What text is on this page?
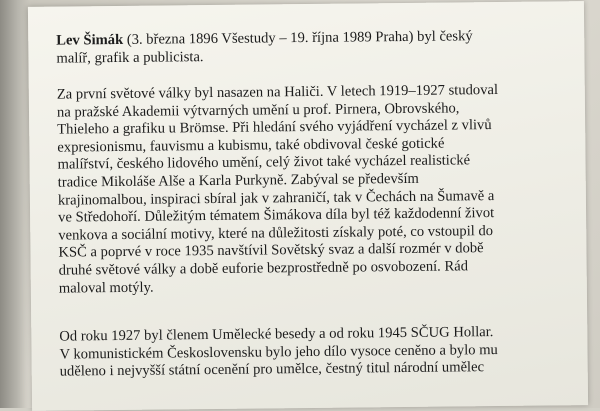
Lev Šimák (3. března 1896 Všestudy – 19. října 1989 Praha) byl český
malíř, grafik a publicista.
Za první světové války byl nasazen na Haliči. V letech 1919–1927 studoval
na pražské Akademii výtvarných umění u prof. Pirnera, Obrovského,
Thieleho a grafiku u Brömse. Při hledání svého vyjádření vycházel z vlivů
expresionismu, fauvismu a kubismu, také obdivoval české gotické
malířství, českého lidového umění, celý život také vycházel realistické
tradice Mikoláše Alše a Karla Purkyně. Zabýval se především
krajinomalbou, inspiraci sbíral jak v zahraničí, tak v Čechách na Šumavě a
ve Středohoří. Důležitým tématem Šimákova díla byl též každodenní život
venkova a sociální motivy, které na důležitosti získaly poté, co vstoupil do
KSČ a poprvé v roce 1935 navštívil Sovětský svaz a další rozmér v době
druhé světové války a době euforie bezprostředně po osvobození. Rád
maloval motýly.
Od roku 1927 byl členem Umělecké besedy a od roku 1945 SČUG Hollar.
V komunistickém Československu bylo jeho dílo vysoce ceněno a bylo mu
uděleno i nejvyšší státní ocenění pro umělce, čestný titul národní umělec
